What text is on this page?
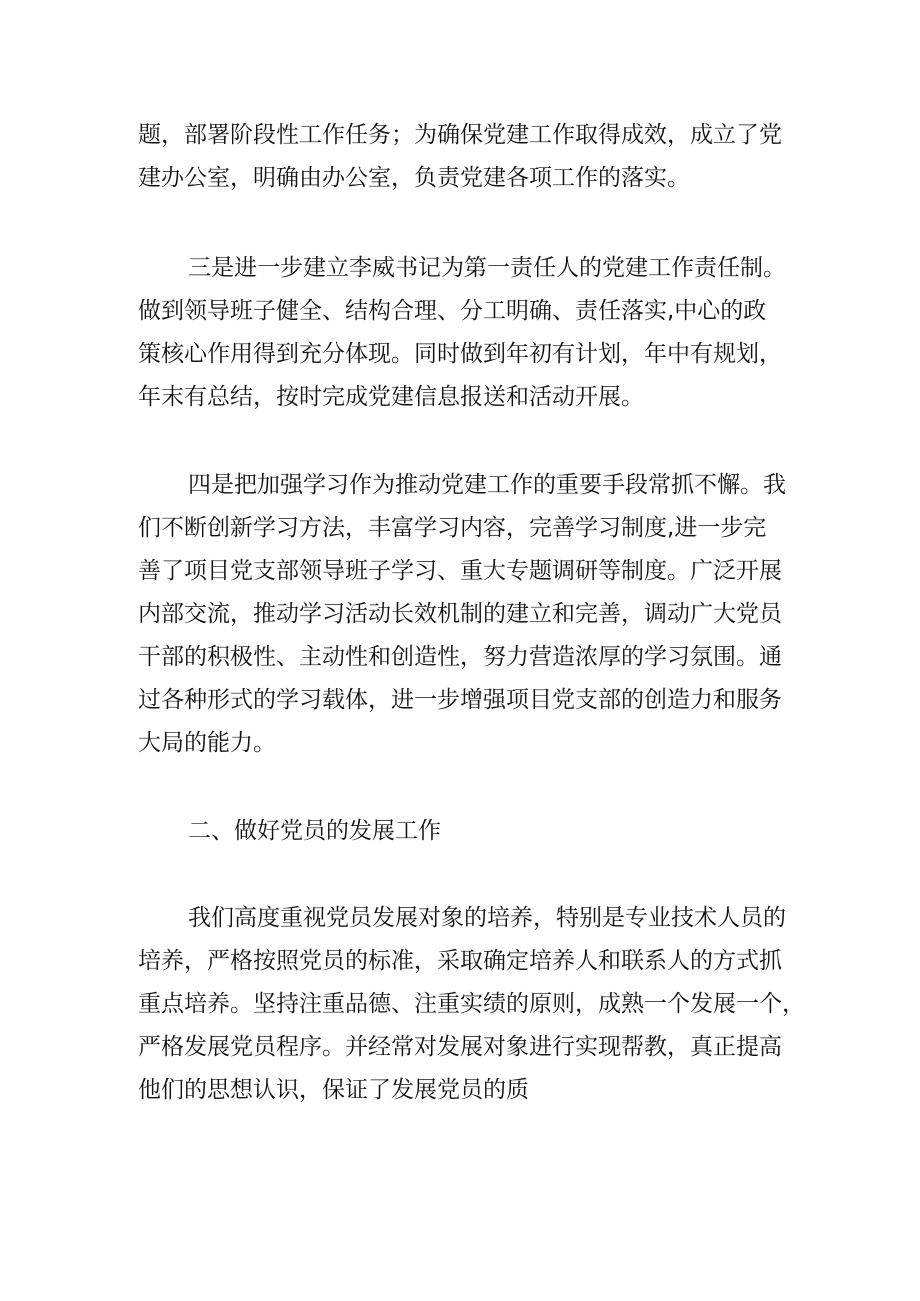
题，部署阶段性工作任务；为确保党建工作取得成效，成立了党

建办公室，明确由办公室，负责党建各项工作的落实。

三是进一步建立李威书记为第一责任人的党建工作责任制。

做到领导班子健全、结构合理、分工明确、责任落实,中心的政

策核心作用得到充分体现。同时做到年初有计划，年中有规划，

年末有总结，按时完成党建信息报送和活动开展。

四是把加强学习作为推动党建工作的重要手段常抓不懈。我

们不断创新学习方法，丰富学习内容，完善学习制度,进一步完

善了项目党支部领导班子学习、重大专题调研等制度。广泛开展

内部交流，推动学习活动长效机制的建立和完善，调动广大党员

干部的积极性、主动性和创造性，努力营造浓厚的学习氛围。通

过各种形式的学习载体，进一步增强项目党支部的创造力和服务

大局的能力。

二、做好党员的发展工作

我们高度重视党员发展对象的培养，特别是专业技术人员的

培养，严格按照党员的标准，采取确定培养人和联系人的方式抓

重点培养。坚持注重品德、注重实绩的原则，成熟一个发展一个，

严格发展党员程序。并经常对发展对象进行实现帮教，真正提高

他们的思想认识，保证了发展党员的质
